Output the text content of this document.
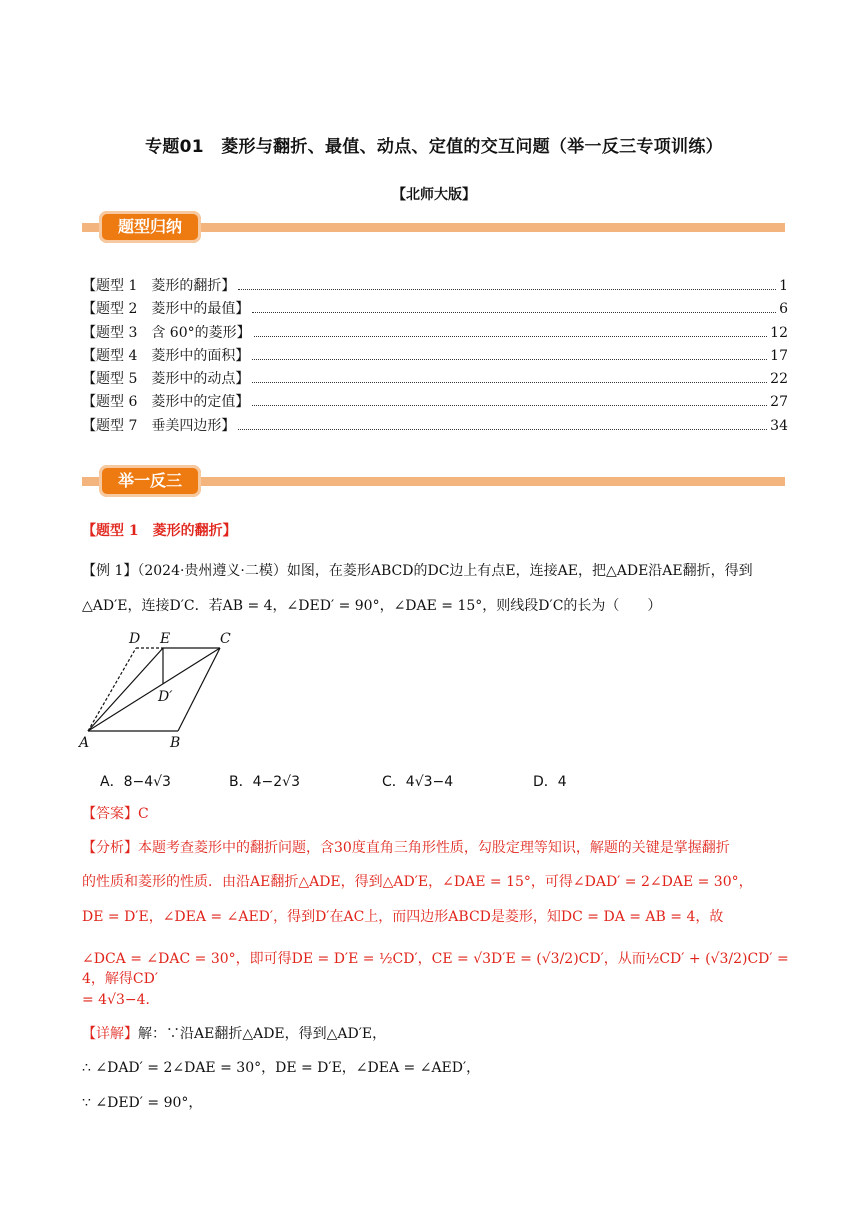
专题01　菱形与翻折、最值、动点、定值的交互问题（举一反三专项训练）
【北师大版】
题型归纳
【题型 1　菱形的翻折】	1
【题型 2　菱形中的最值】	6
【题型 3　含 60°的菱形】	12
【题型 4　菱形中的面积】	17
【题型 5　菱形中的动点】	22
【题型 6　菱形中的定值】	27
【题型 7　垂美四边形】	34
举一反三
【题型 1　菱形的翻折】
【例 1】（2024·贵州遵义·二模）如图，在菱形ABCD的DC边上有点E，连接AE，把△ADE沿AE翻折，得到
△AD′E，连接D′C．若AB = 4，∠DED′ = 90°，∠DAE = 15°，则线段D′C的长为（　　）
D E	C
D′
A	B
A．8−4√3	B．4−2√3	C．4√3−4	D．4
【答案】C
【分析】本题考查菱形中的翻折问题，含30度直角三角形性质，勾股定理等知识，解题的关键是掌握翻折
的性质和菱形的性质．由沿AE翻折△ADE，得到△AD′E，∠DAE = 15°，可得∠DAD′ = 2∠DAE = 30°，
DE = D′E，∠DEA = ∠AED′，得到D′在AC上，而四边形ABCD是菱形，知DC = DA = AB = 4，故
∠DCA = ∠DAC = 30°，即可得DE = D′E = ½CD′，CE = √3D′E = (√3/2)CD′，从而½CD′ + (√3/2)CD′ = 4，解得CD′
= 4√3−4．
【详解】解：∵沿AE翻折△ADE，得到△AD′E，
∴ ∠DAD′ = 2∠DAE = 30°，DE = D′E，∠DEA = ∠AED′，
∵ ∠DED′ = 90°，
